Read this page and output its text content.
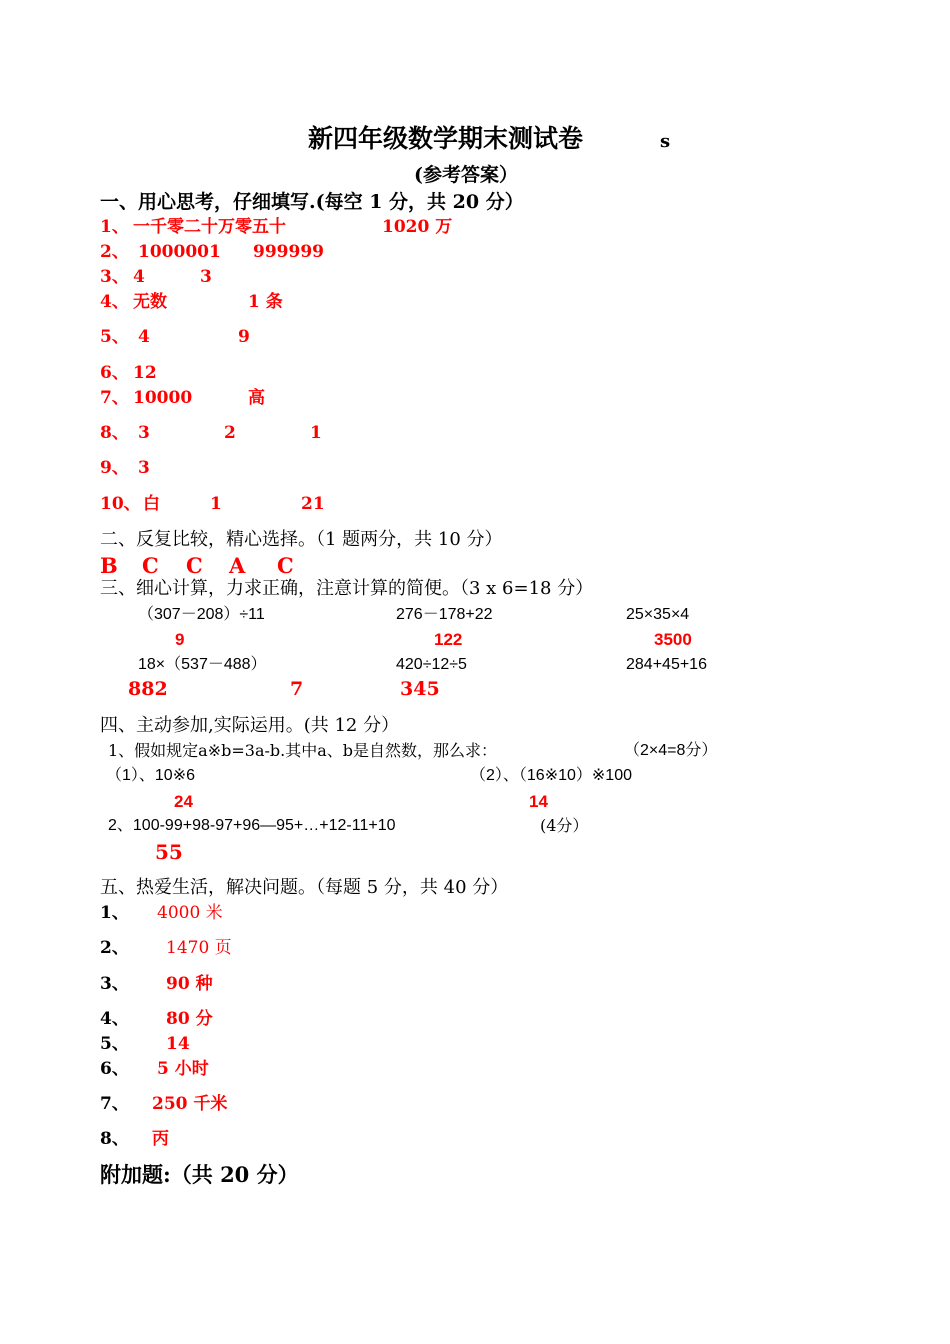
新四年级数学期末测试卷	s
(参考答案）
一、用心思考，仔细填写.(每空 1 分，共 20 分）
1、 一千零二十万零五十	1020 万
2、 1000001 999999
3、 4	3
4、 无数	1 条
5、 4	9
6、 12
7、 10000	高
8、 3	2	1
9、 3
10、 白	1	21
二、反复比较，精心选择。（1 题两分，共 10 分）
B C C A C
三、细心计算，力求正确，注意计算的简便。（3 x 6=18 分）
（307－208）÷11	276－178+22	25×35×4
9	122	3500
18×（537－488）	420÷12÷5	284+45+16
882	7	345
四、主动参加,实际运用。(共 12 分）
1、假如规定a※b=3a-b.其中a、b是自然数，那么求：	（2×4=8分）
（1）、10※6	（2）、（16※10）※100
24	14
2、100-99+98-97+96—95+…+12-11+10	(4分）
55
五、热爱生活，解决问题。（每题 5 分，共 40 分）
1、 4000 米
2、 1470 页
3、 90 种
4、 80 分
5、 14
6、 5 小时
7、 250 千米
8、 丙
附加题:（共 20 分）
